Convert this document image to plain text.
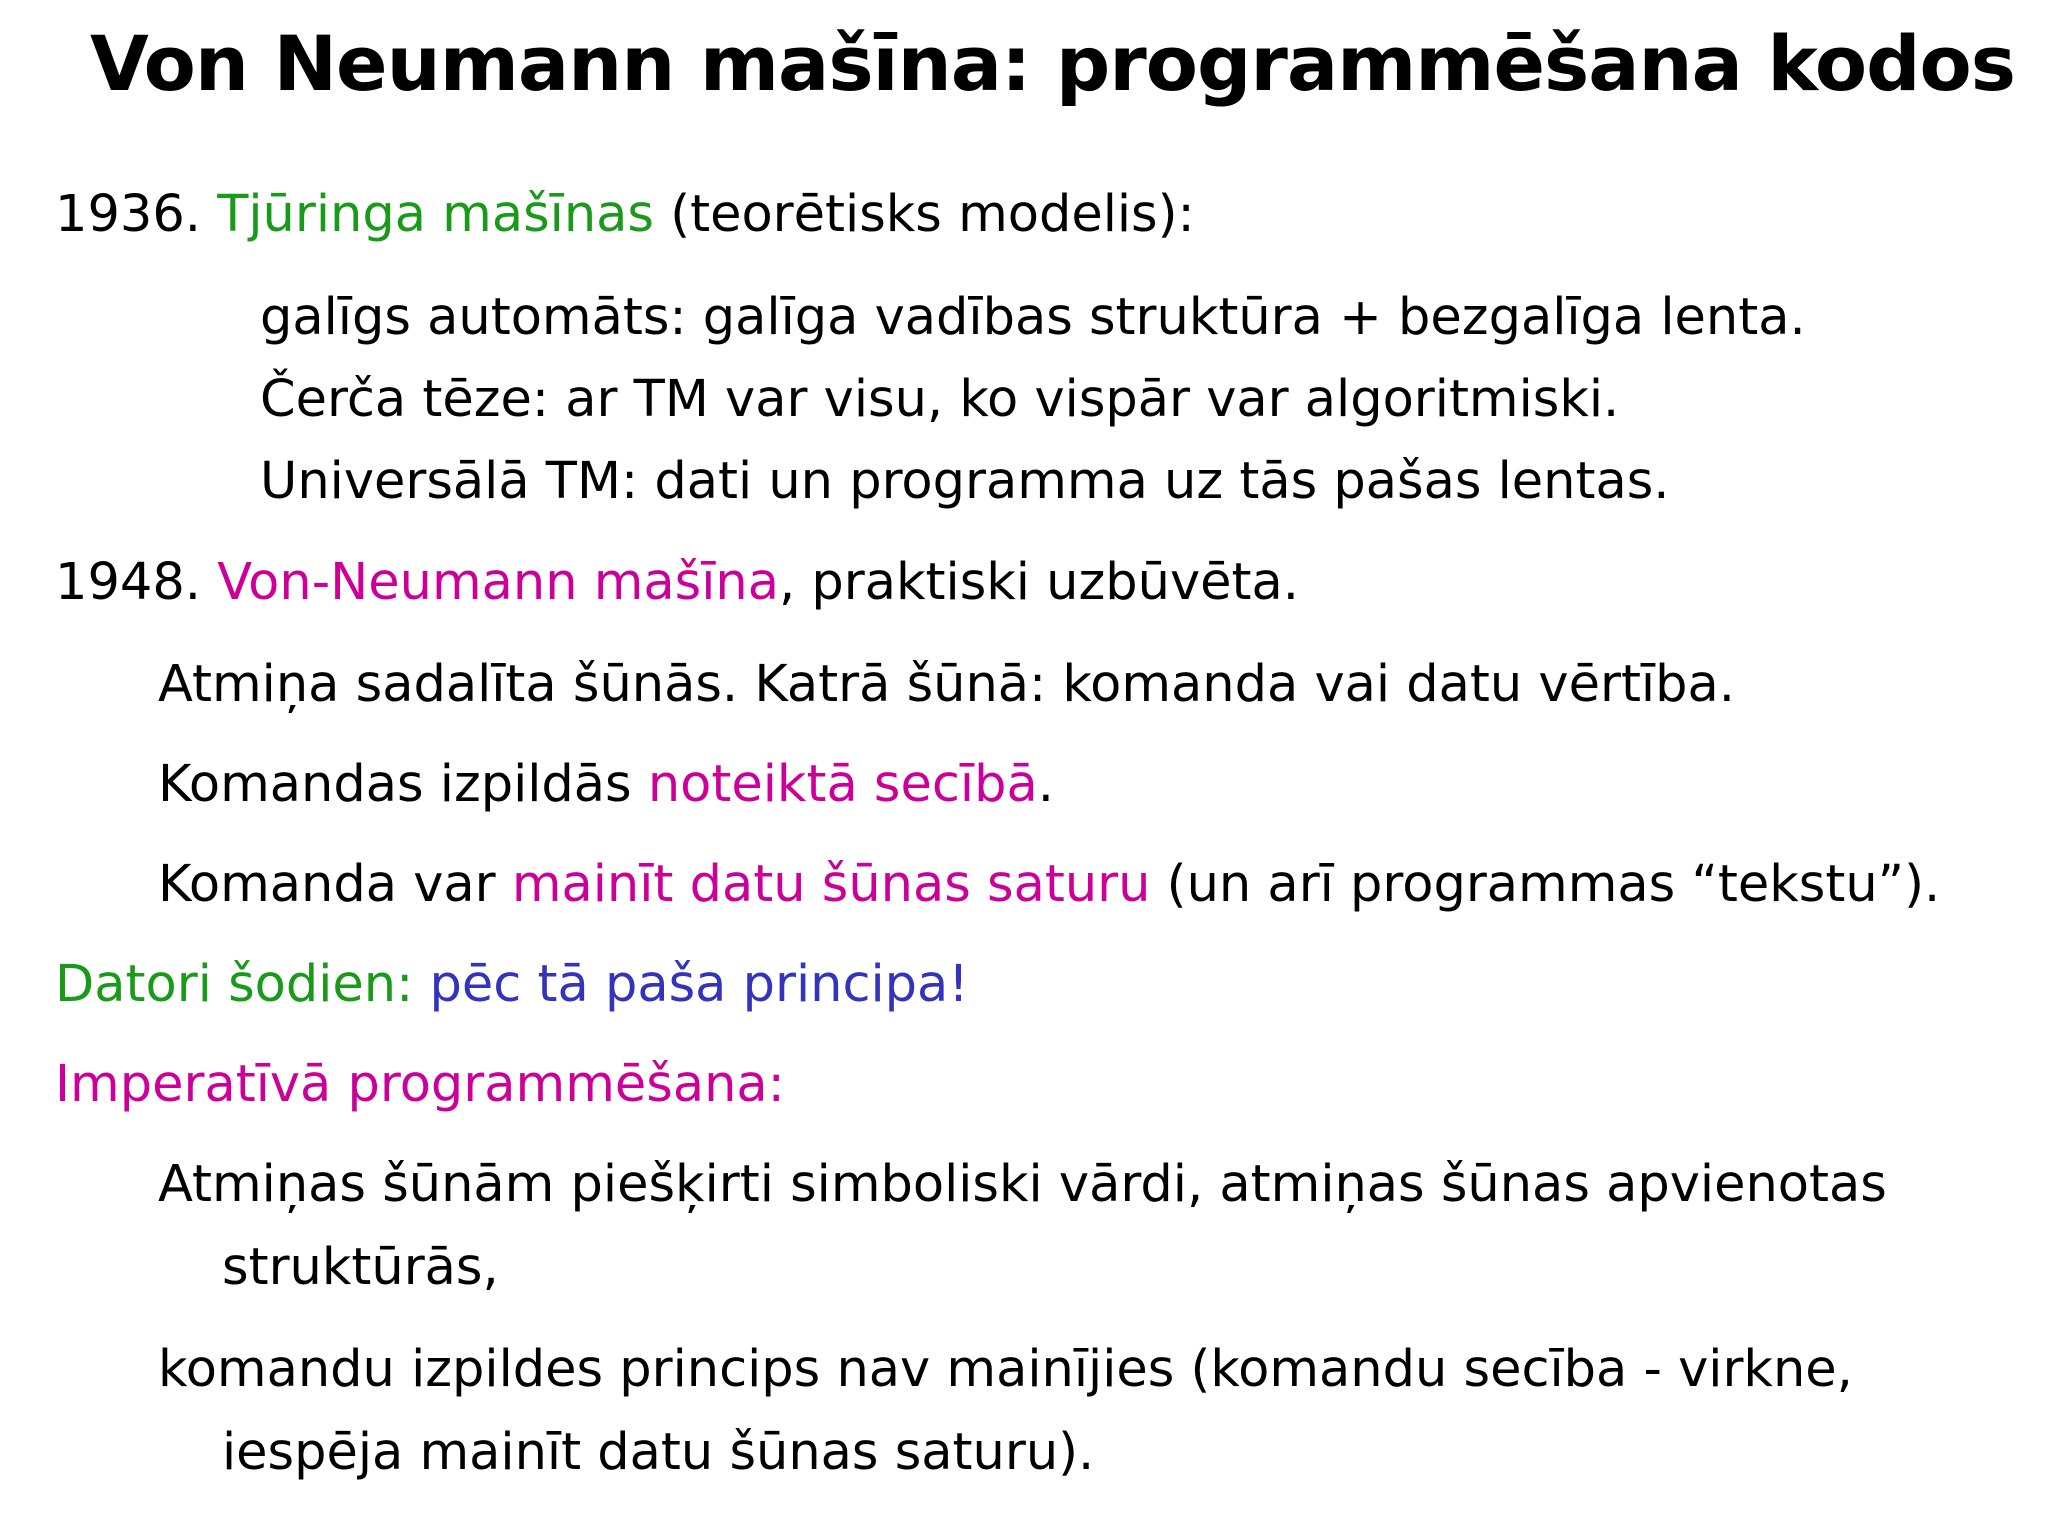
Von Neumann mašīna: programmēšana kodos

1936. Tjūringa mašīnas (teorētisks modelis):

galīgs automāts: galīga vadības struktūra + bezgalīga lenta.

Čerča tēze: ar TM var visu, ko vispār var algoritmiski.

Universālā TM: dati un programma uz tās pašas lentas.

1948. Von-Neumann mašīna, praktiski uzbūvēta.

Atmiņa sadalīta šūnās. Katrā šūnā: komanda vai datu vērtība.

Komandas izpildās noteiktā secībā.

Komanda var mainīt datu šūnas saturu (un arī programmas “tekstu”).

Datori šodien: pēc tā paša principa!

Imperatīvā programmēšana:

Atmiņas šūnām piešķirti simboliski vārdi, atmiņas šūnas apvienotas

struktūrās,

komandu izpildes princips nav mainījies (komandu secība - virkne,

iespēja mainīt datu šūnas saturu).
